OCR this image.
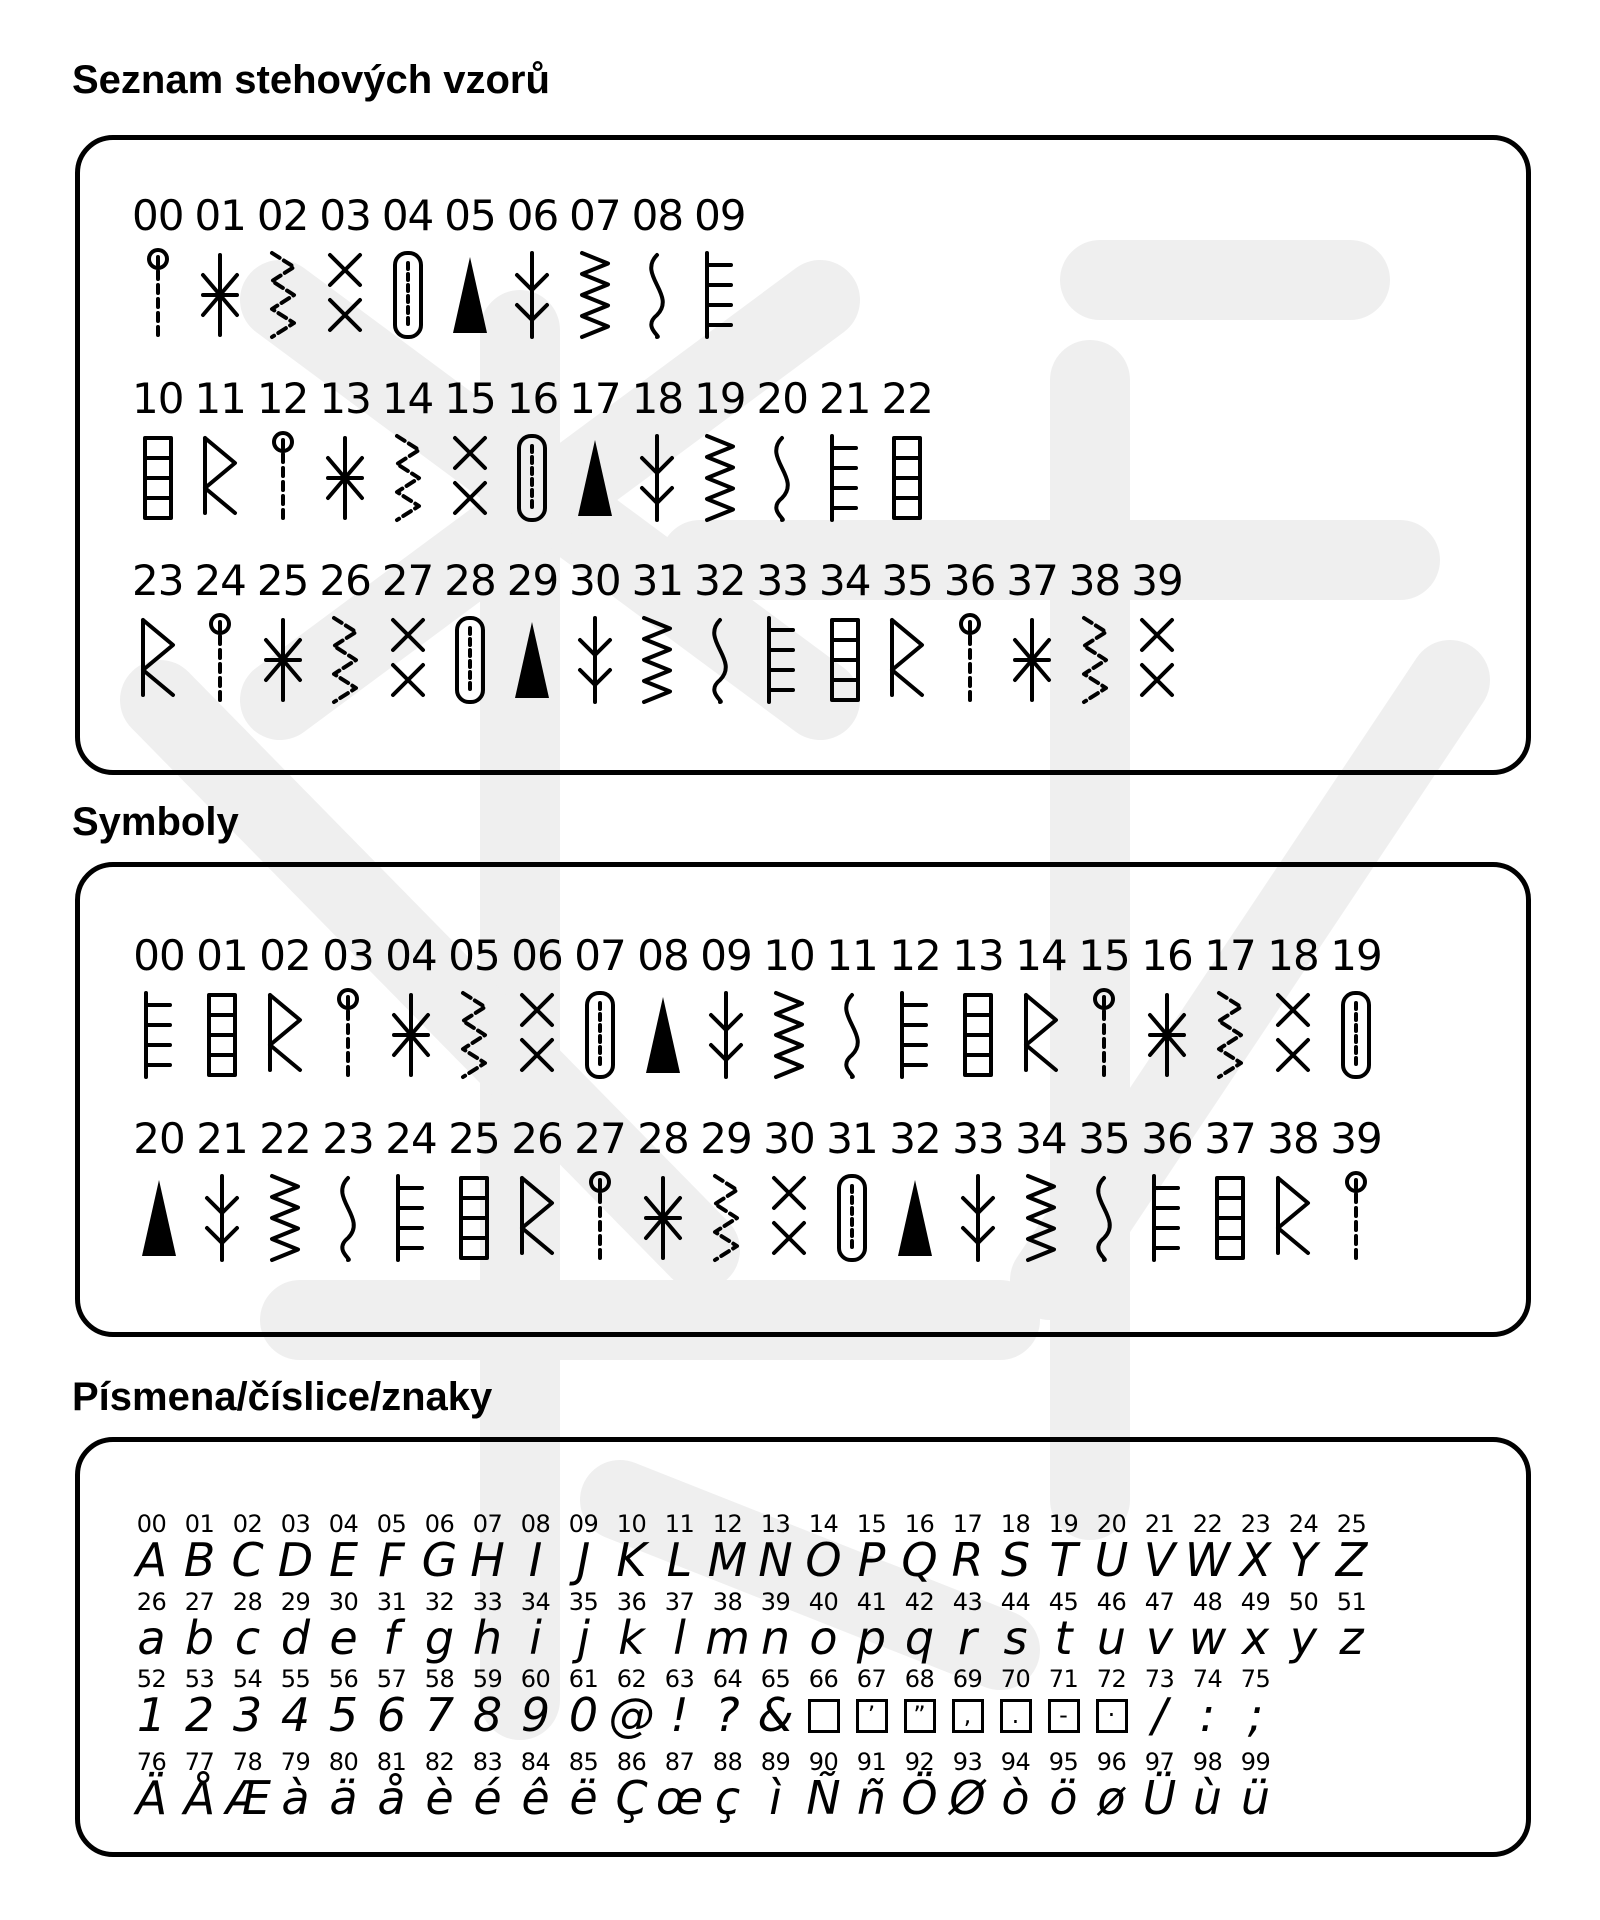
Seznam stehových vzorů
Symboly
Písmena/číslice/znaky
00 01 02 03 04 05 06 07 08 09
10 11 12 13 14 15 16 17 18 19 20 21 22
23 24 25 26 27 28 29 30 31 32 33 34 35 36 37 38 39
00 01 02 03 04 05 06 07 08 09 10 11 12 13 14 15 16 17 18 19
20 21 22 23 24 25 26 27 28 29 30 31 32 33 34 35 36 37 38 39
00
A
01
B
02
C
03
D
04
E
05
F
06
G
07
H
08
I
09
J
10
K
11
L
12
M
13
N
14
O
15
P
16
Q
17
R
18
S
19
T
20
U
21
V
22
W
23
X
24
Y
25
Z
26
a
27
b
28
c
29
d
30
e
31
f
32
g
33
h
34
i
35
j
36
k
37
l
38
m
39
n
40
o
41
p
42
q
43
r
44
s
45
t
46
u
47
v
48
w
49
x
50
y
51
z
52
1
53
2
54
3
55
4
56
5
57
6
58
7
59
8
60
9
61
0
62
@
63
!
64
?
65
&
66 67
’
68
”
69
,
70
.
71
-
72
·
73
/
74
:
75
;
76
Ä
77
Å
78
Æ
79
à
80
ä
81
å
82
è
83
é
84
ê
85
ë
86
Ç
87
œ
88
ç
89
ì
90
Ñ
91
ñ
92
Ö
93
Ø
94
ò
95
ö
96
ø
97
Ü
98
ù
99
ü
